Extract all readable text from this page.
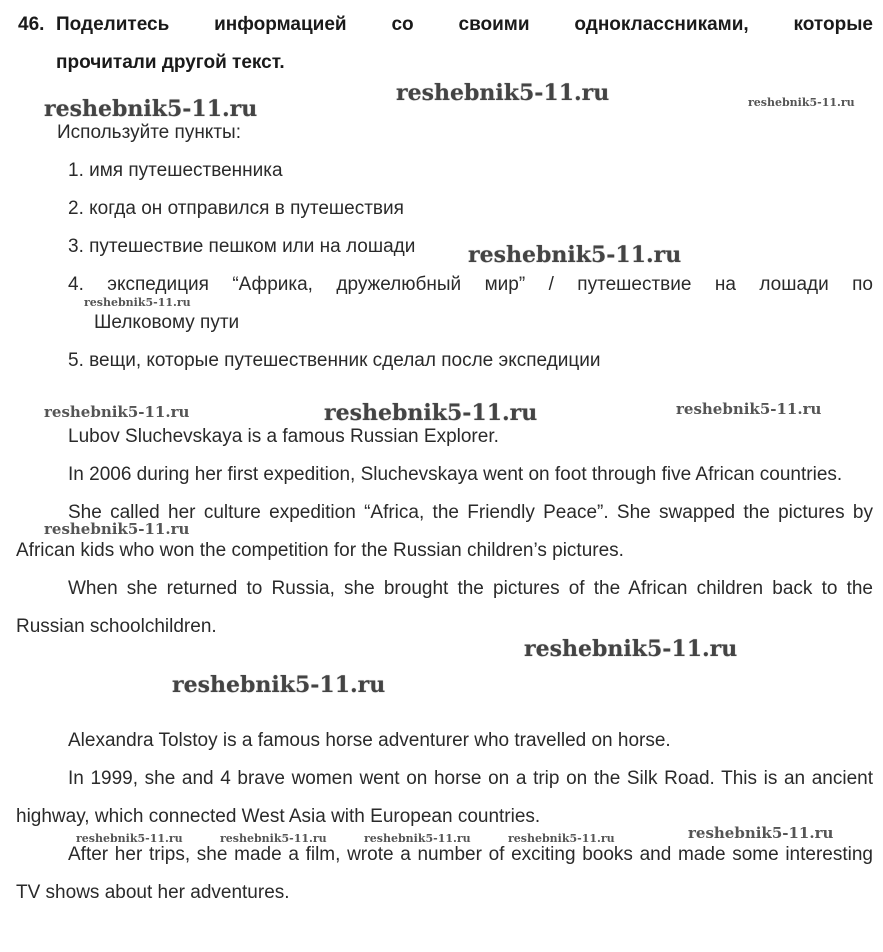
46. Поделитесь информацией со своими одноклассниками, которые
прочитали другой текст.
Используйте пункты:
1. имя путешественника
2. когда он отправился в путешествия
3. путешествие пешком или на лошади
4. экспедиция “Африка, дружелюбный мир” / путешествие на лошади по
Шелковому пути
5. вещи, которые путешественник сделал после экспедиции

Lubov Sluchevskaya is a famous Russian Explorer.

In 2006 during her first expedition, Sluchevskaya went on foot through five African countries.

She called her culture expedition “Africa, the Friendly Peace”. She swapped the pictures by African kids who won the competition for the Russian children’s pictures.

When she returned to Russia, she brought the pictures of the African children back to the Russian schoolchildren.

Alexandra Tolstoy is a famous horse adventurer who travelled on horse.

In 1999, she and 4 brave women went on horse on a trip on the Silk Road. This is an ancient highway, which connected West Asia with European countries.

After her trips, she made a film, wrote a number of exciting books and made some interesting TV shows about her adventures.

reshebnik5-11.ru
reshebnik5-11.ru	reshebnik5-11.ru
reshebnik5-11.ru
reshebnik5-11.ru
reshebnik5-11.ru	reshebnik5-11.ru	reshebnik5-11.ru
reshebnik5-11.ru
reshebnik5-11.ru
reshebnik5-11.ru
reshebnik5-11.ru	reshebnik5-11.ru	reshebnik5-11.ru	reshebnik5-11.ru	reshebnik5-11.ru
